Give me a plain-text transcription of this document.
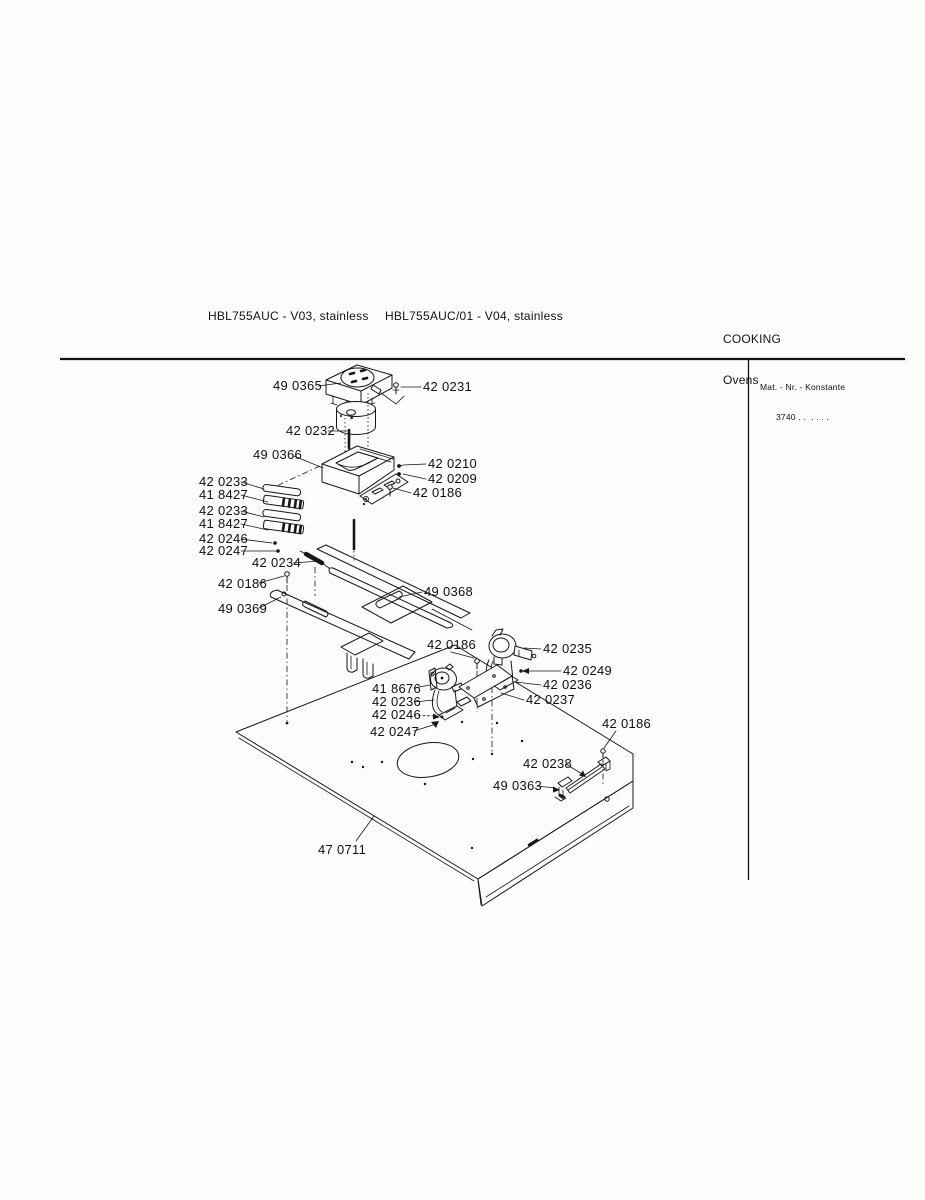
HBL755AUC - V03, stainless HBL755AUC/01 - V04, stainless

COOKING

Ovens

Mat. - Nr. - Konstante

3740 . .  . . . .

49 0365	42 0231
42 0232
49 0366
42 0210
42 0209
42 0186
42 0233
41 8427
42 0233
41 8427
42 0246
42 0247
42 0234
42 0186
49 0369
49 0368
42 0186	42 0235
42 0249
42 0236
42 0237
41 8676
42 0236
42 0246
42 0247
42 0186
42 0238
49 0363
47 0711
